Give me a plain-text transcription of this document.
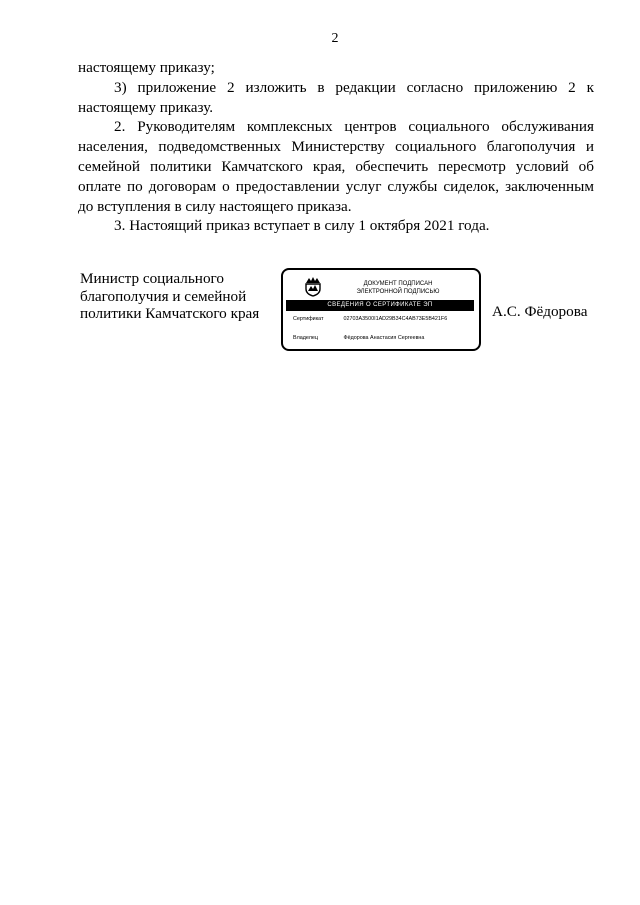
2

настоящему приказу;

3) приложение 2 изложить в редакции согласно приложению 2 к настоящему приказу.

2. Руководителям комплексных центров социального обслуживания населения, подведомственных Министерству социального благополучия и семейной политики Камчатского края, обеспечить пересмотр условий об оплате по договорам о предоставлении услуг службы сиделок, заключенным до вступления в силу настоящего приказа.

3. Настоящий приказ вступает в силу 1 октября 2021 года.

Министр социального
благополучия и семейной
политики Камчатского края
ДОКУМЕНТ ПОДПИСАН
ЭЛЕКТРОННОЙ ПОДПИСЬЮ
СВЕДЕНИЯ О СЕРТИФИКАТЕ ЭП
Сертификат	02703A3500I1AD29B34C4AB73E5B421F6
Владелец	Фёдорова Анастасия Сергеевна
А.С. Фёдорова
